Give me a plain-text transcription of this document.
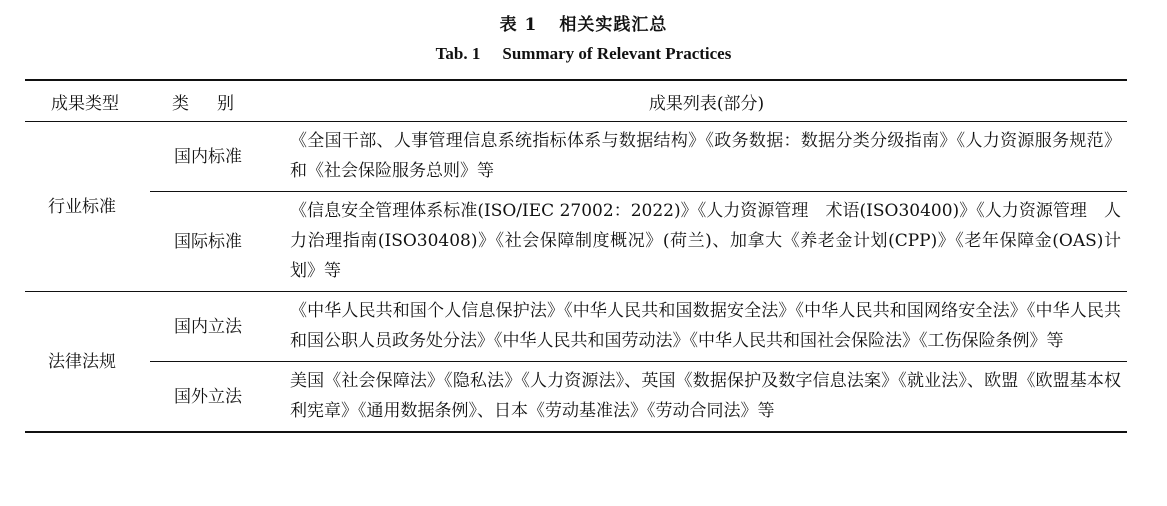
表 1 相关实践汇总
Tab. 1 Summary of Relevant Practices
成果类型	类别	成果列表(部分)
行业标准	国内标准	《全国干部、人事管理信息系统指标体系与数据结构》《政务数据：数据分类分级指南》《人力资源服务规范》和《社会保险服务总则》等
	国际标准	《信息安全管理体系标准(ISO/IEC 27002：2022)》《人力资源管理　术语(ISO30400)》《人力资源管理　人力治理指南(ISO30408)》《社会保障制度概况》(荷兰)、加拿大《养老金计划(CPP)》《老年保障金(OAS)计划》等
法律法规	国内立法	《中华人民共和国个人信息保护法》《中华人民共和国数据安全法》《中华人民共和国网络安全法》《中华人民共和国公职人员政务处分法》《中华人民共和国劳动法》《中华人民共和国社会保险法》《工伤保险条例》等
	国外立法	美国《社会保障法》《隐私法》《人力资源法》、英国《数据保护及数字信息法案》《就业法》、欧盟《欧盟基本权利宪章》《通用数据条例》、日本《劳动基准法》《劳动合同法》等
